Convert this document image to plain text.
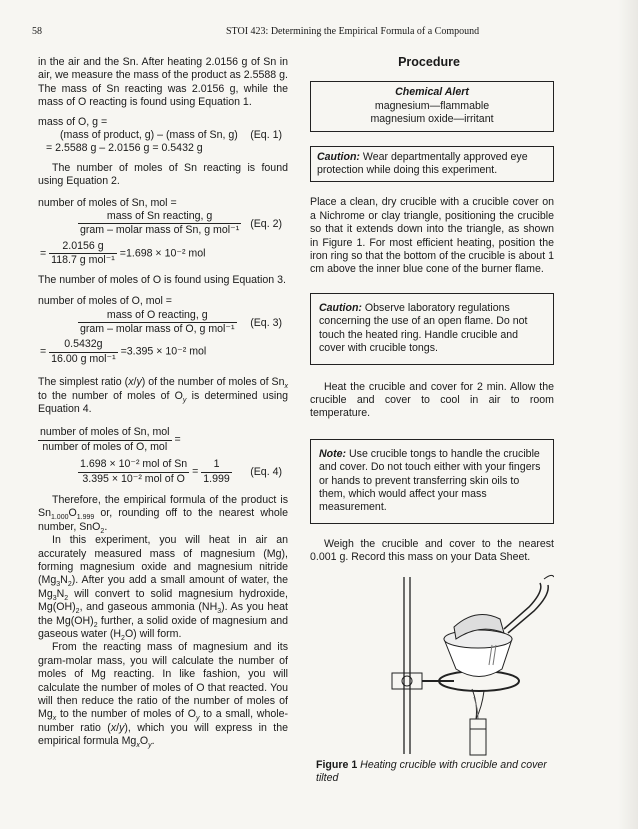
58	STOI 423: Determining the Empirical Formula of a Compound

in the air and the Sn. After heating 2.0156 g of Sn in air, we measure the mass of the product as 2.5588 g. The mass of Sn reacting was 2.0156 g, while the mass of O reacting is found using Equation 1.

mass of O, g =

(mass of product, g) – (mass of Sn, g) (Eq. 1)

= 2.5588 g – 2.0156 g = 0.5432 g

The number of moles of Sn reacting is found using Equation 2.

number of moles of Sn, mol =

$\frac{\text{mass of Sn reacting, g}}{\text{gram – molar mass of Sn, g mol⁻¹}} (Eq$. 2)
= $\frac{2.0156 g}{\text{118.7 g mol⁻¹}} =1.698 \times 10^{-2}$ mol

The number of moles of O is found using Equation 3.

number of moles of O, mol =

$\frac{\text{mass of O reacting, g}}{\text{gram – molar mass of O, g mol⁻¹}} (Eq$. 3)
= $\frac{0.5432g}{\text{16.00 g mol⁻¹}} =3.395 \times 10^{-2}$ mol

The simplest ratio (x/y) of the number of moles of $Sn_x$ to the number of moles of $O_y$ is determined using Equation 4.

$\frac{\text{number of moles of Sn, mol}}{\text{number of moles of O, mol}}$ =
$\frac{\text{1.698 × 10⁻² mol of Sn}}{\text{3.395 × 10⁻² mol of O}} = \frac{1}{1.999} (Eq$. 4)

Therefore, the empirical formula of the product is $Sn_{1.000}O_{1.999}$ or, rounding off to the nearest whole number, SnO$_2$.

In this experiment, you will heat in air an accurately measured mass of magnesium (Mg), forming magnesium oxide and magnesium nitride $(Mg_3N_2)$. After you add a small amount of water, the $Mg_3N_2$ will convert to solid magnesium hydroxide, $Mg(OH)_2$, and gaseous ammonia $(NH_3)$. As you heat the $Mg(OH)_2$ further, a solid oxide of magnesium and gaseous water $(H_2O)$ will form.

From the reacting mass of magnesium and its gram-molar mass, you will calculate the number of moles of Mg reacting. In like fashion, you will calculate the number of moles of O that reacted. You will then reduce the ratio of the number of moles of $Mg_x$ to the number of moles of $O_y$ to a small, whole-number ratio (x/y), which you will express in the empirical formula $Mg_xO_y$.

Procedure

Chemical Alert
magnesium—flammable
magnesium oxide—irritant
Caution: Wear departmentally approved eye protection while doing this experiment.

Place a clean, dry crucible with a crucible cover on a Nichrome or clay triangle, positioning the crucible so that it extends down into the triangle, as shown in Figure 1. For most efficient heating, position the iron ring so that the bottom of the crucible is about 1 cm above the inner blue cone of the burner flame.

Caution: Observe laboratory regulations concerning the use of an open flame. Do not touch the heated ring. Handle crucible and cover with crucible tongs.

Heat the crucible and cover for 2 min. Allow the crucible and cover to cool in air to room temperature.

Note: Use crucible tongs to handle the crucible and cover. Do not touch either with your fingers or hands to prevent transferring skin oils to them, which would affect your mass measurement.

Weigh the crucible and cover to the nearest 0.001 g. Record this mass on your Data Sheet.

Figure 1 Heating crucible with crucible and cover tilted
